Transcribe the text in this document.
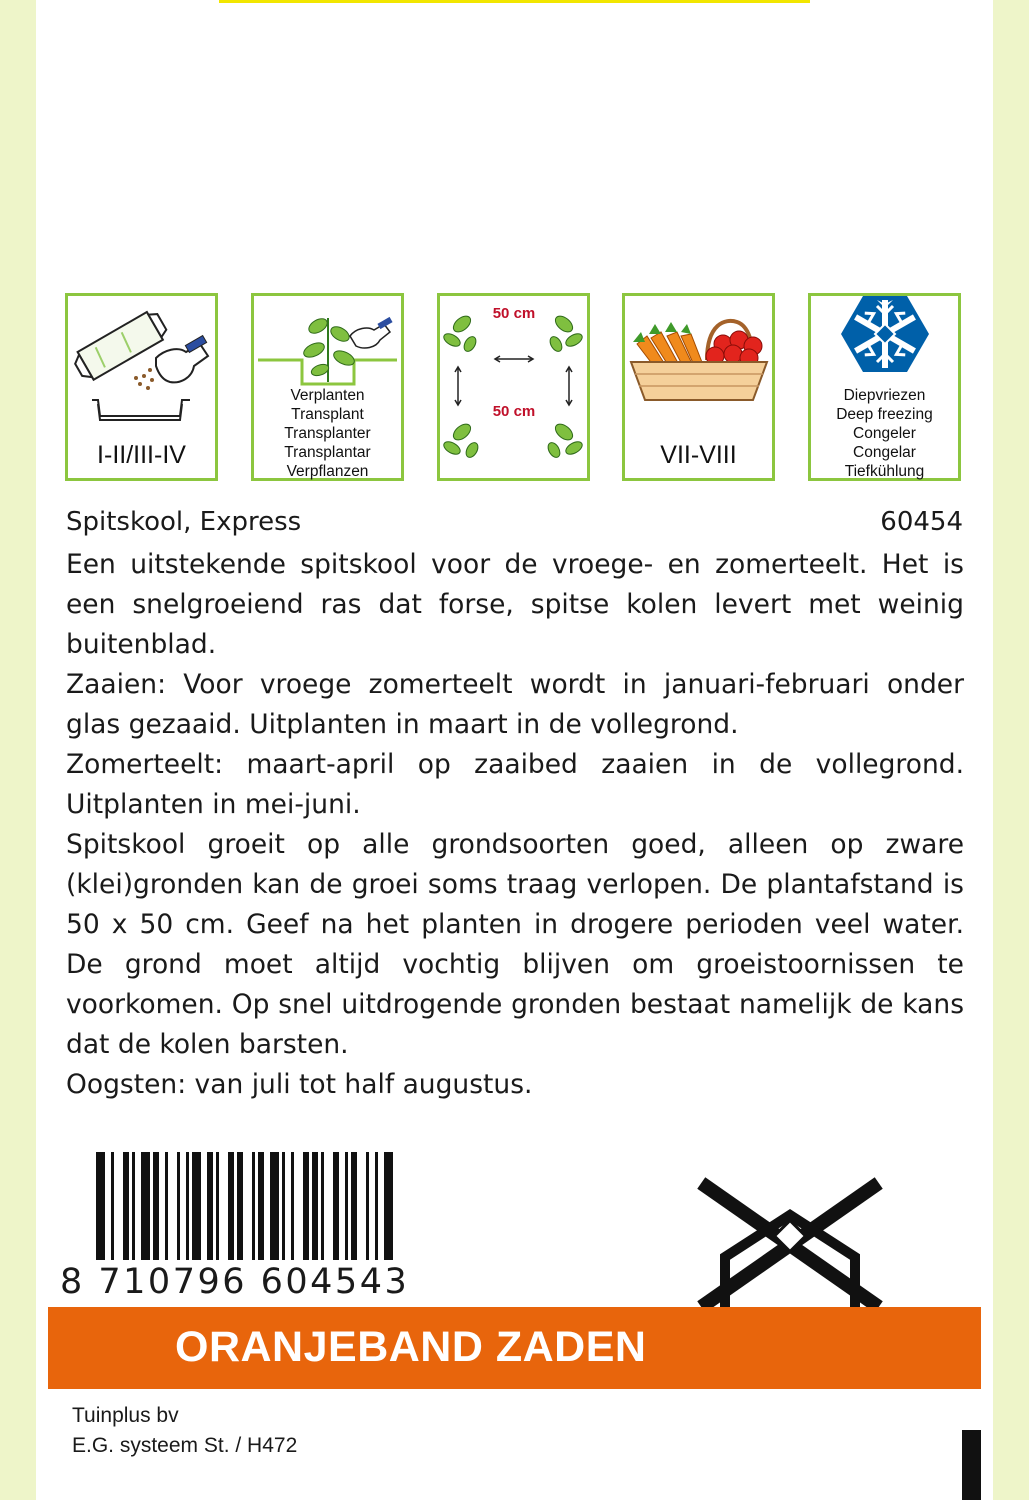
I-II/III-IV
Verplanten
Transplant
Transplanter
Transplantar
Verpflanzen
50 cm
50 cm
VII-VIII
Diepvriezen
Deep freezing
Congeler
Congelar
Tiefkühlung
Spitskool, Express	60454
Een uitstekende spitskool voor de vroege- en zomerteelt. Het is een snelgroeiend ras dat forse, spitse kolen levert met weinig buitenblad.
Zaaien: Voor vroege zomerteelt wordt in januari-februari onder glas gezaaid. Uitplanten in maart in de vollegrond.
Zomerteelt: maart-april op zaaibed zaaien in de vollegrond. Uitplanten in mei-juni.
Spitskool groeit op alle grondsoorten goed, alleen op zware (klei)gronden kan de groei soms traag verlopen. De plantafstand is 50 x 50 cm. Geef na het planten in drogere perioden veel water. De grond moet altijd vochtig blijven om groeistoornissen te voorkomen. Op snel uitdrogende gronden bestaat namelijk de kans dat de kolen barsten.
Oogsten: van juli tot half augustus.
8 710796 604543
ORANJEBAND ZADEN
Tuinplus bv
E.G. systeem St. / H472
